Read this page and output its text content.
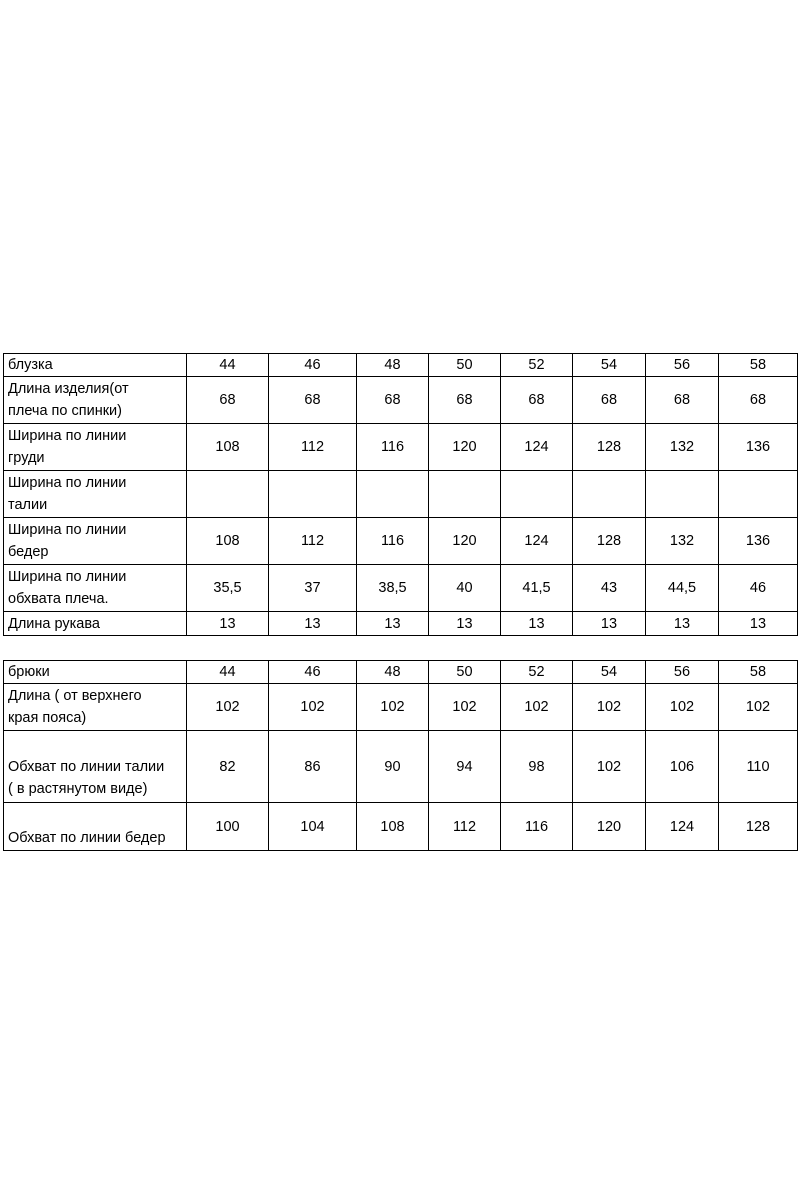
блузка	44	46	48	50	52	54	56	58
Длина изделия(от
плеча по спинки)	68	68	68	68	68	68	68	68
Ширина по линии
груди	108	112	116	120	124	128	132	136
Ширина по линии
талии								
Ширина по линии
бедер	108	112	116	120	124	128	132	136
Ширина по линии
обхвата плеча.	35,5	37	38,5	40	41,5	43	44,5	46
Длина рукава	13	13	13	13	13	13	13	13
брюки	44	46	48	50	52	54	56	58
Длина ( от верхнего
края пояса)	102	102	102	102	102	102	102	102
Обхват по линии талии
( в растянутом виде)	82	86	90	94	98	102	106	110
Обхват по линии бедер	100	104	108	112	116	120	124	128
